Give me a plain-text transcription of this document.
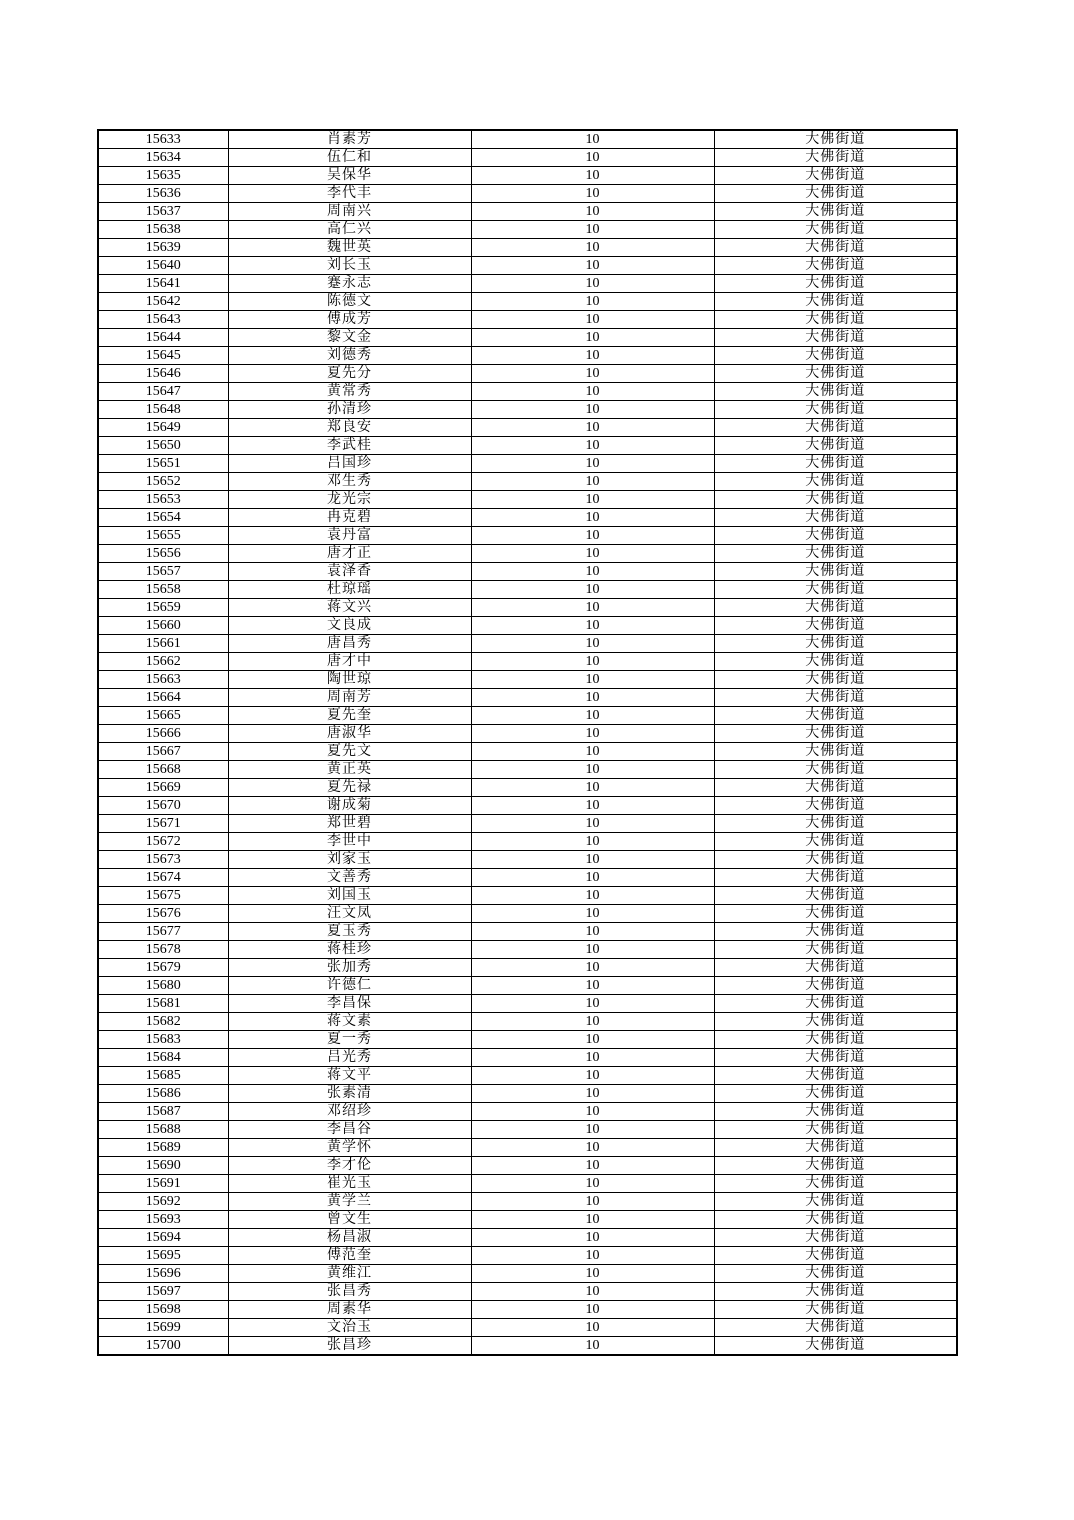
15633	肖素芳	10	大佛街道
15634	伍仁和	10	大佛街道
15635	吴保华	10	大佛街道
15636	李代丰	10	大佛街道
15637	周南兴	10	大佛街道
15638	高仁兴	10	大佛街道
15639	魏世英	10	大佛街道
15640	刘长玉	10	大佛街道
15641	蹇永志	10	大佛街道
15642	陈德文	10	大佛街道
15643	傅成芳	10	大佛街道
15644	黎文金	10	大佛街道
15645	刘德秀	10	大佛街道
15646	夏先分	10	大佛街道
15647	黄常秀	10	大佛街道
15648	孙清珍	10	大佛街道
15649	郑良安	10	大佛街道
15650	李武桂	10	大佛街道
15651	吕国珍	10	大佛街道
15652	邓生秀	10	大佛街道
15653	龙光宗	10	大佛街道
15654	冉克碧	10	大佛街道
15655	袁丹富	10	大佛街道
15656	唐才正	10	大佛街道
15657	袁泽香	10	大佛街道
15658	杜琼瑶	10	大佛街道
15659	蒋文兴	10	大佛街道
15660	文良成	10	大佛街道
15661	唐昌秀	10	大佛街道
15662	唐才中	10	大佛街道
15663	陶世琼	10	大佛街道
15664	周南芳	10	大佛街道
15665	夏先奎	10	大佛街道
15666	唐淑华	10	大佛街道
15667	夏先文	10	大佛街道
15668	黄正英	10	大佛街道
15669	夏先禄	10	大佛街道
15670	谢成菊	10	大佛街道
15671	郑世碧	10	大佛街道
15672	李世中	10	大佛街道
15673	刘家玉	10	大佛街道
15674	文善秀	10	大佛街道
15675	刘国玉	10	大佛街道
15676	汪文凤	10	大佛街道
15677	夏玉秀	10	大佛街道
15678	蒋桂珍	10	大佛街道
15679	张加秀	10	大佛街道
15680	许德仁	10	大佛街道
15681	李昌保	10	大佛街道
15682	蒋文素	10	大佛街道
15683	夏一秀	10	大佛街道
15684	吕光秀	10	大佛街道
15685	蒋文平	10	大佛街道
15686	张素清	10	大佛街道
15687	邓绍珍	10	大佛街道
15688	李昌谷	10	大佛街道
15689	黄学怀	10	大佛街道
15690	李才伦	10	大佛街道
15691	崔光玉	10	大佛街道
15692	黄学兰	10	大佛街道
15693	曾文生	10	大佛街道
15694	杨昌淑	10	大佛街道
15695	傅范奎	10	大佛街道
15696	黄维江	10	大佛街道
15697	张昌秀	10	大佛街道
15698	周素华	10	大佛街道
15699	文治玉	10	大佛街道
15700	张昌珍	10	大佛街道
